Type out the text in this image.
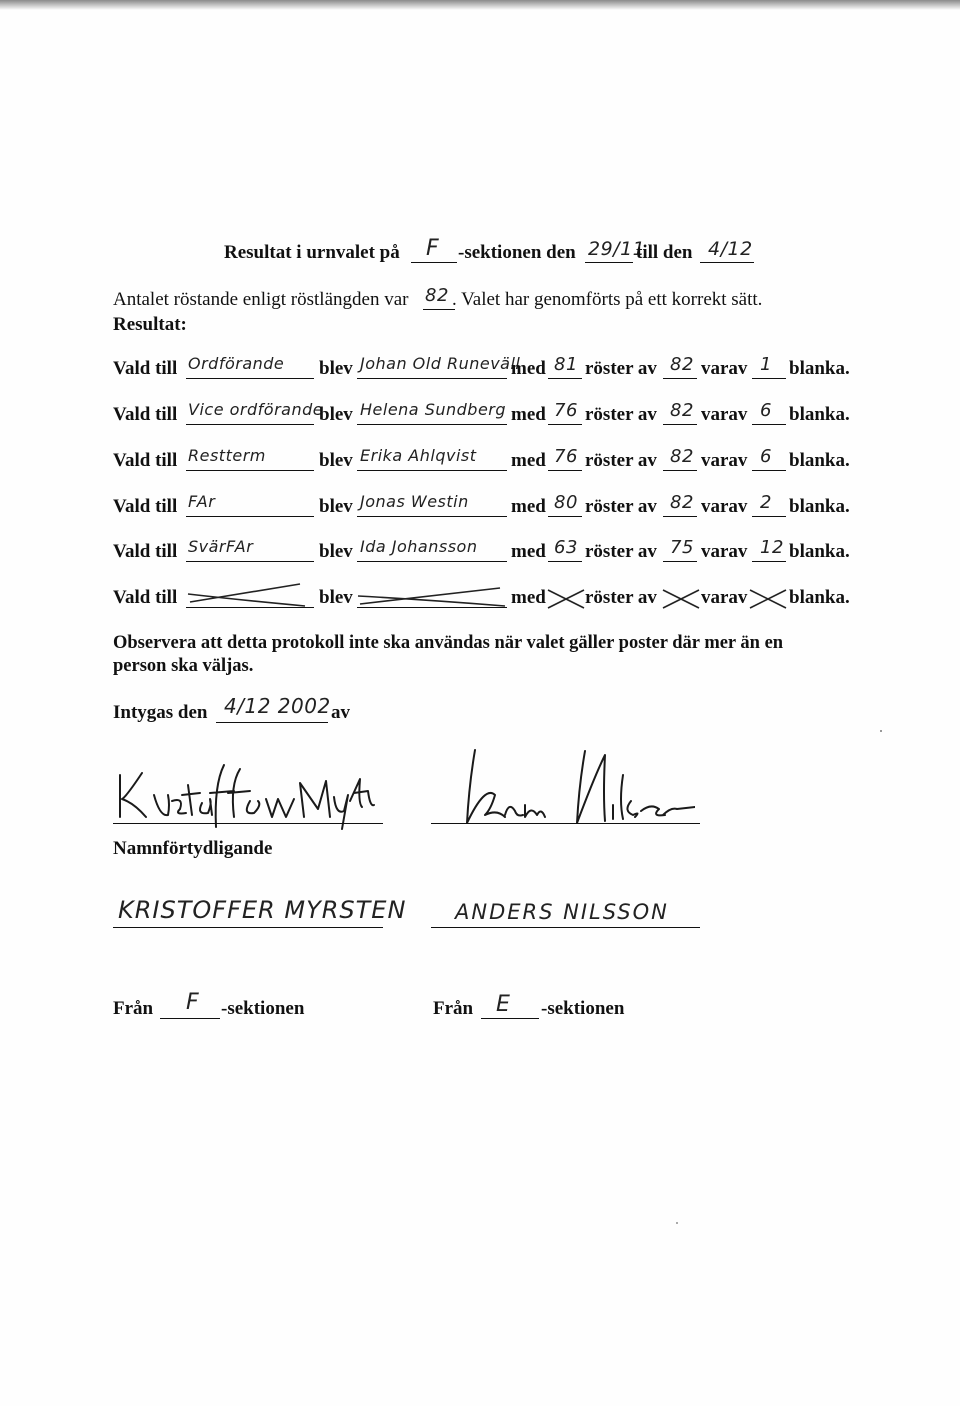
Resultat i urnvalet på F -sektionen den 29/11
till den 4/12
Antalet röstande enligt röstlängden var 82 . Valet har genomförts på ett korrekt sätt.
Resultat:
Vald till Ordförande blev Johan Old Runeväll
med 81 röster av 82 varav 1 blanka.
Vald till Vice ordförande
blev Helena Sundberg med 76 röster av 82 varav 6 blanka.
Vald till Restterm	blev Erika Ahlqvist med 76 röster av 82 varav 6 blanka.
Vald till FAr	blev Jonas Westin med 80 röster av 82 varav 2 blanka.
Vald till SvärFAr	blev Ida Johansson med 63 röster av 75 varav 12 blanka.
Vald till	blev	med röster av varav blanka.
Observera att detta protokoll inte ska användas när valet gäller poster där mer än en
person ska väljas.
Intygas den 4/12 2002 av
Namnförtydligande
KRISTOFFER MYRSTEN ANDERS NILSSON
Från F -sektionen	Från E -sektionen
